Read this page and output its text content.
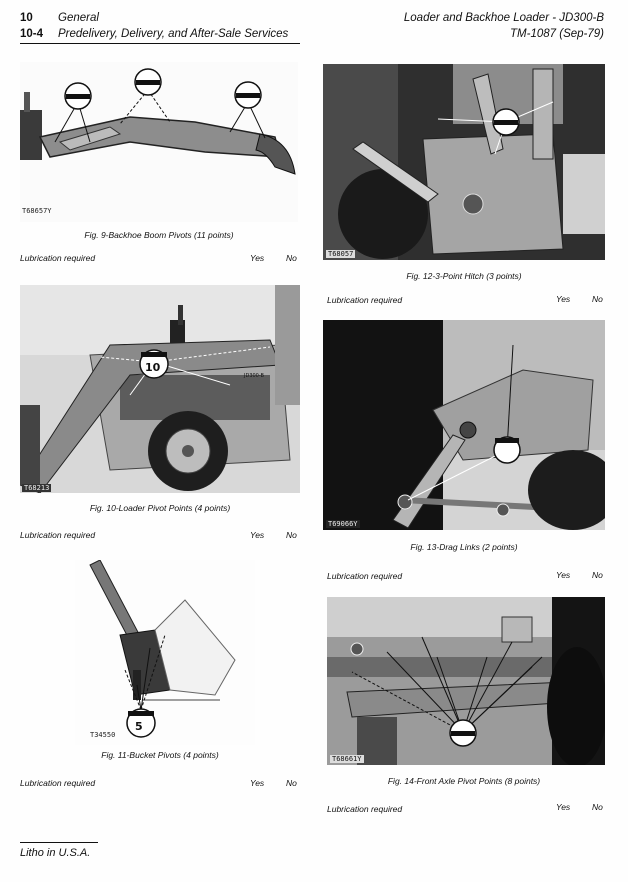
10 General
10-4 Predelivery, Delivery, and After-Sale Services
Loader and Backhoe Loader - JD300-B
TM-1087 (Sep-79)
T68657Y
Fig. 9-Backhoe Boom Pivots (11 points)
Lubrication required	Yes	No
JD300-B
10
T68213
Fig. 10-Loader Pivot Points (4 points)
Lubrication required	Yes	No
5
T34550
Fig. 11-Bucket Pivots (4 points)
Lubrication required	Yes	No
T68057
Fig. 12-3-Point Hitch (3 points)
Lubrication required	Yes	No
T69066Y
Fig. 13-Drag Links (2 points)
Lubrication required	Yes	No
T68661Y
Fig. 14-Front Axle Pivot Points (8 points)
Lubrication required	Yes	No
Litho in U.S.A.
